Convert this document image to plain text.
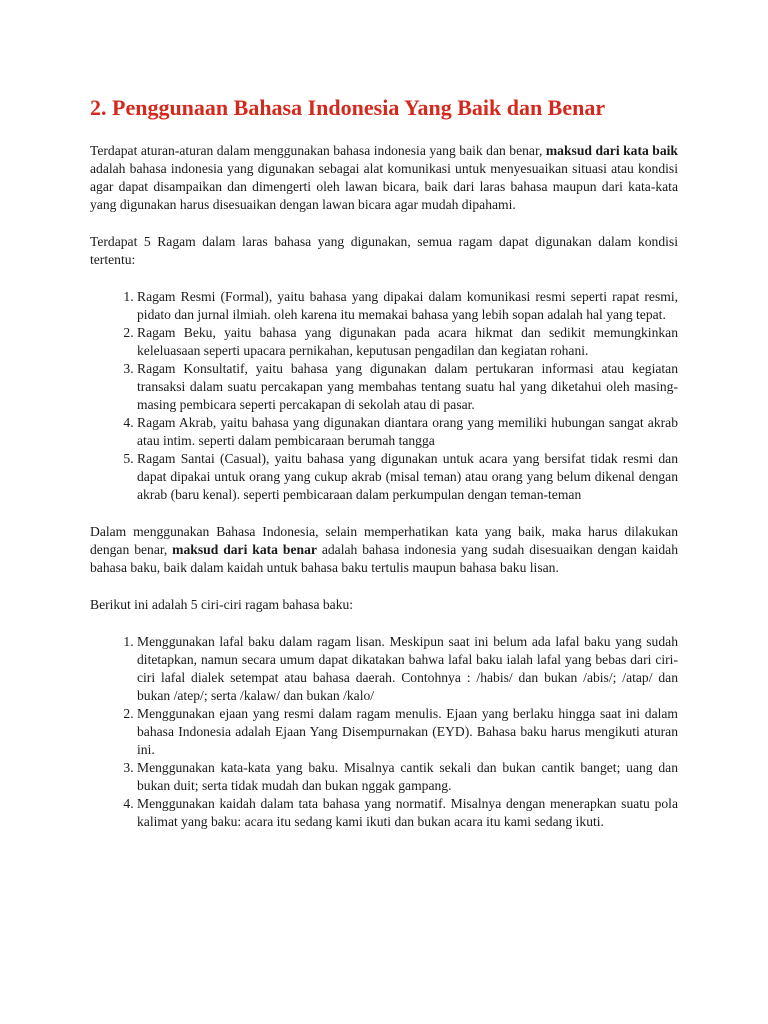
2. Penggunaan Bahasa Indonesia Yang Baik dan Benar

Terdapat aturan-aturan dalam menggunakan bahasa indonesia yang baik dan benar, maksud dari kata baik adalah bahasa indonesia yang digunakan sebagai alat komunikasi untuk menyesuaikan situasi atau kondisi agar dapat disampaikan dan dimengerti oleh lawan bicara, baik dari laras bahasa maupun dari kata-kata yang digunakan harus disesuaikan dengan lawan bicara agar mudah dipahami.

Terdapat 5 Ragam dalam laras bahasa yang digunakan, semua ragam dapat digunakan dalam kondisi tertentu:

1. Ragam Resmi (Formal), yaitu bahasa yang dipakai dalam komunikasi resmi seperti rapat resmi, pidato dan jurnal ilmiah. oleh karena itu memakai bahasa yang lebih sopan adalah hal yang tepat.
2. Ragam Beku, yaitu bahasa yang digunakan pada acara hikmat dan sedikit memungkinkan keleluasaan seperti upacara pernikahan, keputusan pengadilan dan kegiatan rohani.
3. Ragam Konsultatif, yaitu bahasa yang digunakan dalam pertukaran informasi atau kegiatan transaksi dalam suatu percakapan yang membahas tentang suatu hal yang diketahui oleh masing-masing pembicara seperti percakapan di sekolah atau di pasar.
4. Ragam Akrab, yaitu bahasa yang digunakan diantara orang yang memiliki hubungan sangat akrab atau intim. seperti dalam pembicaraan berumah tangga
5. Ragam Santai (Casual), yaitu bahasa yang digunakan untuk acara yang bersifat tidak resmi dan dapat dipakai untuk orang yang cukup akrab (misal teman) atau orang yang belum dikenal dengan akrab (baru kenal). seperti pembicaraan dalam perkumpulan dengan teman-teman

Dalam menggunakan Bahasa Indonesia, selain memperhatikan kata yang baik, maka harus dilakukan dengan benar, maksud dari kata benar adalah bahasa indonesia yang sudah disesuaikan dengan kaidah bahasa baku, baik dalam kaidah untuk bahasa baku tertulis maupun bahasa baku lisan.

Berikut ini adalah 5 ciri-ciri ragam bahasa baku:

1. Menggunakan lafal baku dalam ragam lisan. Meskipun saat ini belum ada lafal baku yang sudah ditetapkan, namun secara umum dapat dikatakan bahwa lafal baku ialah lafal yang bebas dari ciri-ciri lafal dialek setempat atau bahasa daerah. Contohnya : /habis/ dan bukan /abis/; /atap/ dan bukan /atep/; serta /kalaw/ dan bukan /kalo/
2. Menggunakan ejaan yang resmi dalam ragam menulis. Ejaan yang berlaku hingga saat ini dalam bahasa Indonesia adalah Ejaan Yang Disempurnakan (EYD). Bahasa baku harus mengikuti aturan ini.
3. Menggunakan kata-kata yang baku. Misalnya cantik sekali dan bukan cantik banget; uang dan bukan duit; serta tidak mudah dan bukan nggak gampang.
4. Menggunakan kaidah dalam tata bahasa yang normatif. Misalnya dengan menerapkan suatu pola kalimat yang baku: acara itu sedang kami ikuti dan bukan acara itu kami sedang ikuti.
